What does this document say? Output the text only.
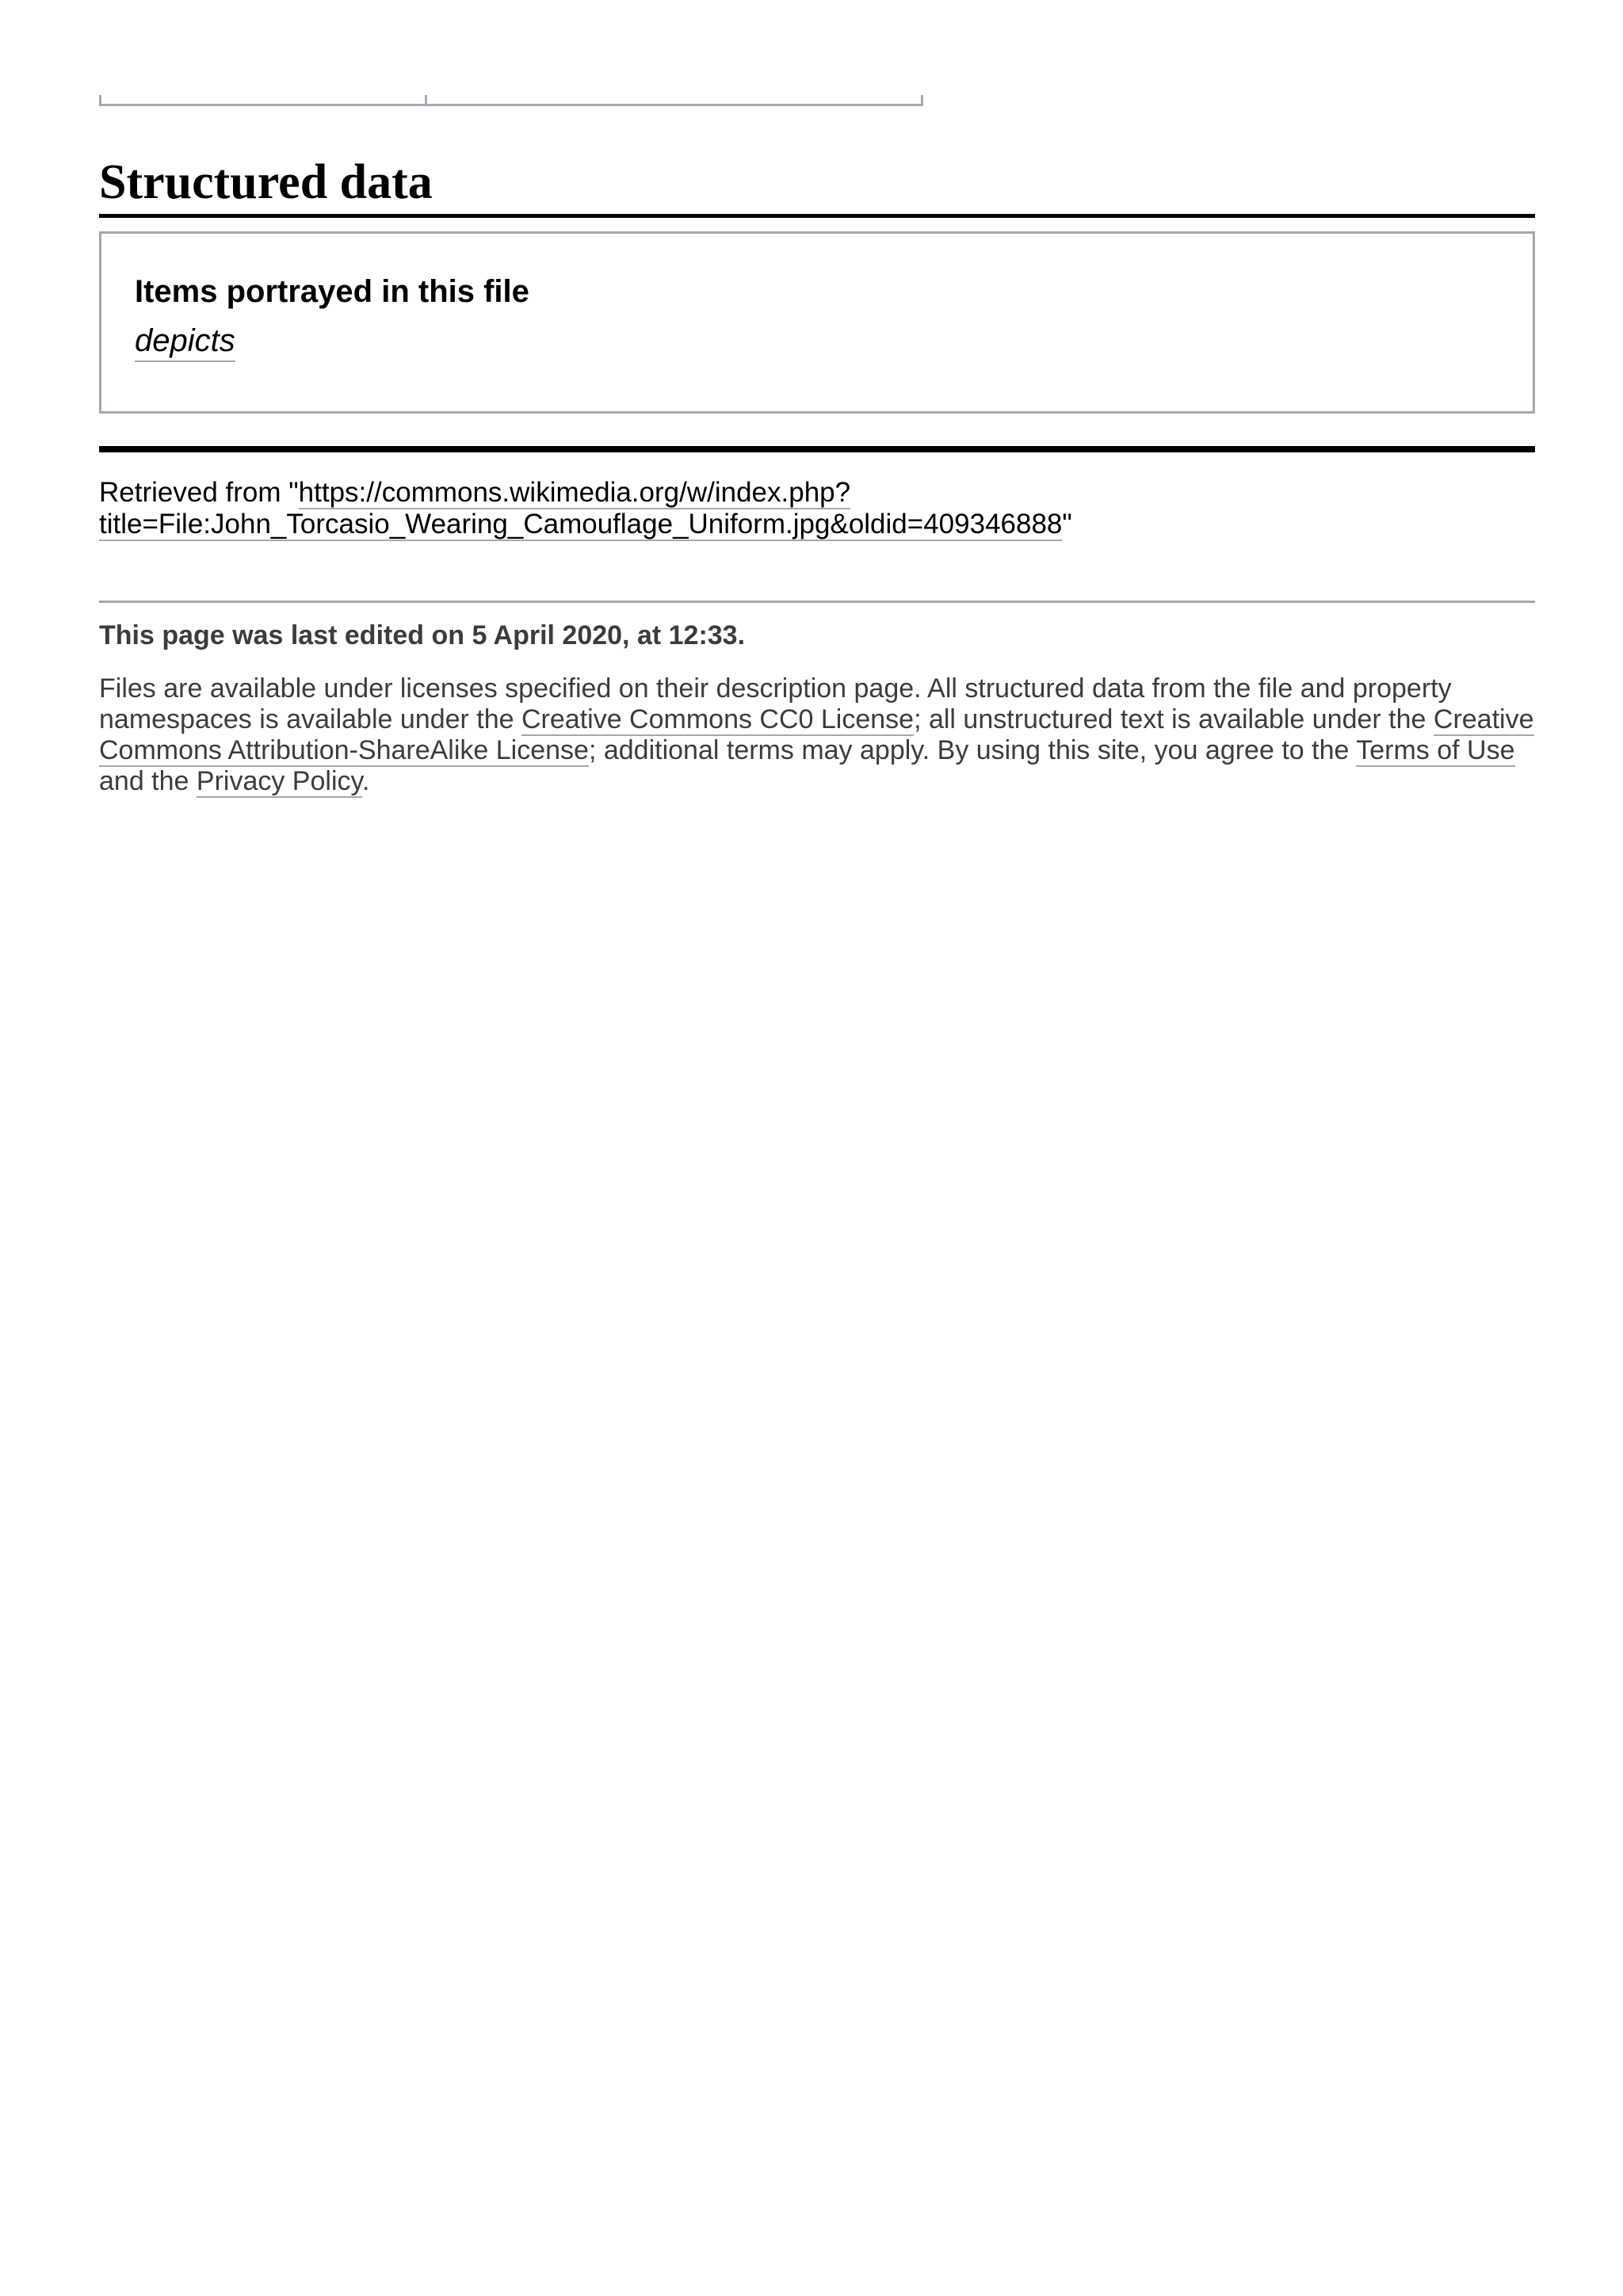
Structured data
Items portrayed in this file
depicts
Retrieved from "https://commons.wikimedia.org/w/index.php?
title=File:John_Torcasio_Wearing_Camouflage_Uniform.jpg&oldid=409346888"
This page was last edited on 5 April 2020, at 12:33.
Files are available under licenses specified on their description page. All structured data from the file and property namespaces is available under the Creative Commons CC0 License; all unstructured text is available under the Creative Commons Attribution-ShareAlike License; additional terms may apply. By using this site, you agree to the Terms of Use and the Privacy Policy.
